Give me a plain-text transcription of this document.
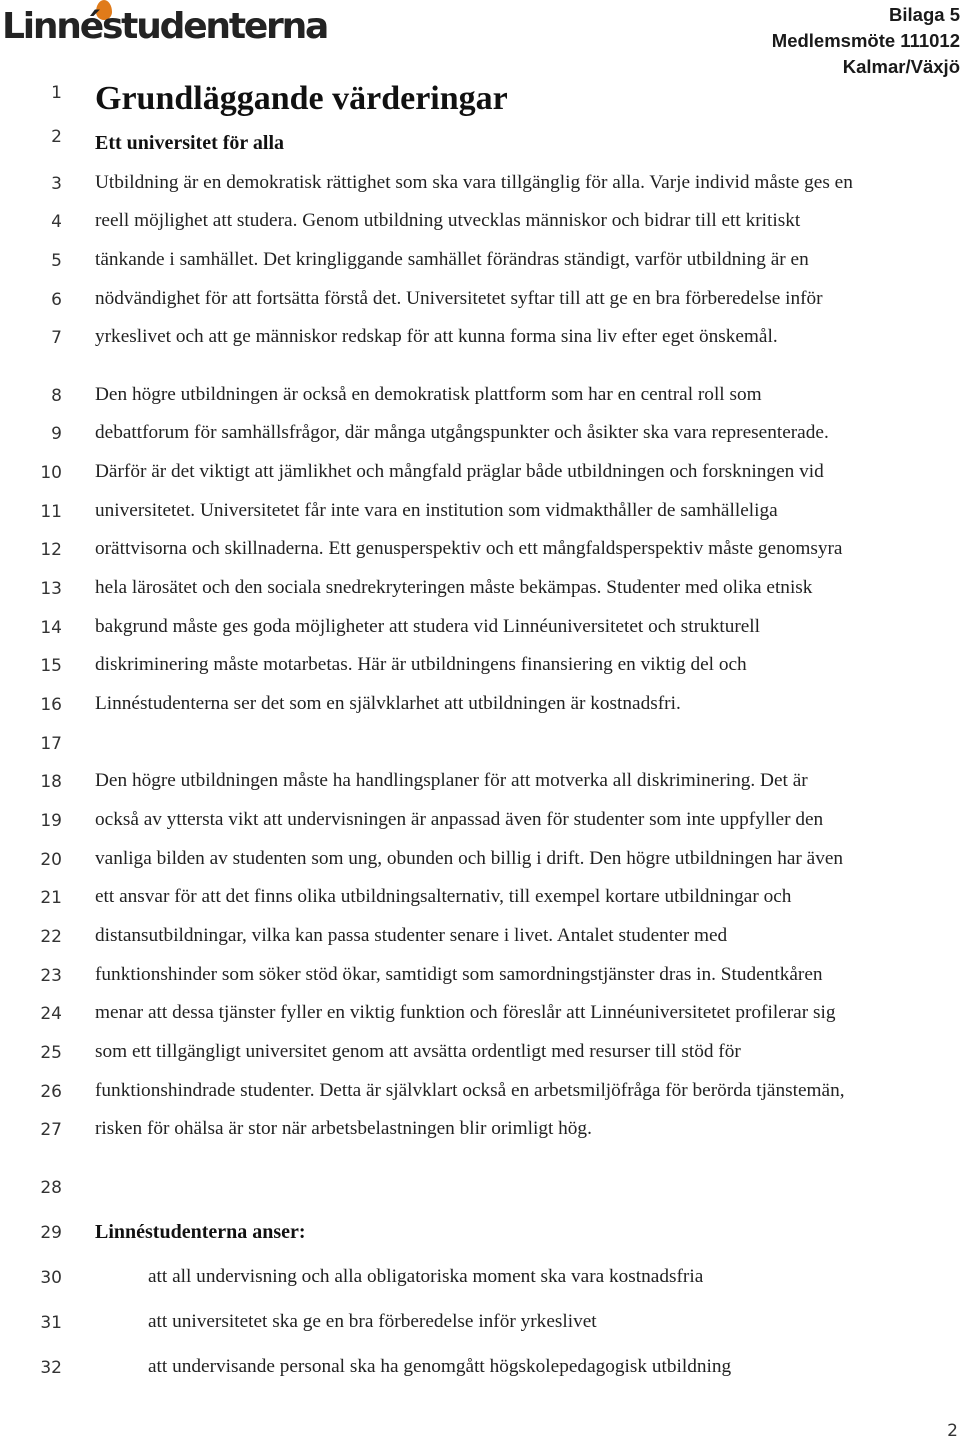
Linnéstudenterna	Bilaga 5
Medlemsmöte 111012
Kalmar/Växjö
1
2
3
4
5
6
7
8
9
10
11
12
13
14
15
16
17
18
19
20
21
22
23
24
25
26
27
28
29
30
31
32
Grundläggande värderingar
Ett universitet för alla
Utbildning är en demokratisk rättighet som ska vara tillgänglig för alla. Varje individ måste ges en
reell möjlighet att studera. Genom utbildning utvecklas människor och bidrar till ett kritiskt
tänkande i samhället. Det kringliggande samhället förändras ständigt, varför utbildning är en
nödvändighet för att fortsätta förstå det. Universitetet syftar till att ge en bra förberedelse inför
yrkeslivet och att ge människor redskap för att kunna forma sina liv efter eget önskemål.
Den högre utbildningen är också en demokratisk plattform som har en central roll som
debattforum för samhällsfrågor, där många utgångspunkter och åsikter ska vara representerade.
Därför är det viktigt att jämlikhet och mångfald präglar både utbildningen och forskningen vid
universitetet. Universitetet får inte vara en institution som vidmakthåller de samhälleliga
orättvisorna och skillnaderna. Ett genusperspektiv och ett mångfaldsperspektiv måste genomsyra
hela lärosätet och den sociala snedrekryteringen måste bekämpas. Studenter med olika etnisk
bakgrund måste ges goda möjligheter att studera vid Linnéuniversitetet och strukturell
diskriminering måste motarbetas. Här är utbildningens finansiering en viktig del och
Linnéstudenterna ser det som en självklarhet att utbildningen är kostnadsfri.
Den högre utbildningen måste ha handlingsplaner för att motverka all diskriminering. Det är
också av yttersta vikt att undervisningen är anpassad även för studenter som inte uppfyller den
vanliga bilden av studenten som ung, obunden och billig i drift. Den högre utbildningen har även
ett ansvar för att det finns olika utbildningsalternativ, till exempel kortare utbildningar och
distansutbildningar, vilka kan passa studenter senare i livet. Antalet studenter med
funktionshinder som söker stöd ökar, samtidigt som samordningstjänster dras in. Studentkåren
menar att dessa tjänster fyller en viktig funktion och föreslår att Linnéuniversitetet profilerar sig
som ett tillgängligt universitet genom att avsätta ordentligt med resurser till stöd för
funktionshindrade studenter. Detta är självklart också en arbetsmiljöfråga för berörda tjänstemän,
risken för ohälsa är stor när arbetsbelastningen blir orimligt hög.
Linnéstudenterna anser:
att all undervisning och alla obligatoriska moment ska vara kostnadsfria
att universitetet ska ge en bra förberedelse inför yrkeslivet
att undervisande personal ska ha genomgått högskolepedagogisk utbildning
2
